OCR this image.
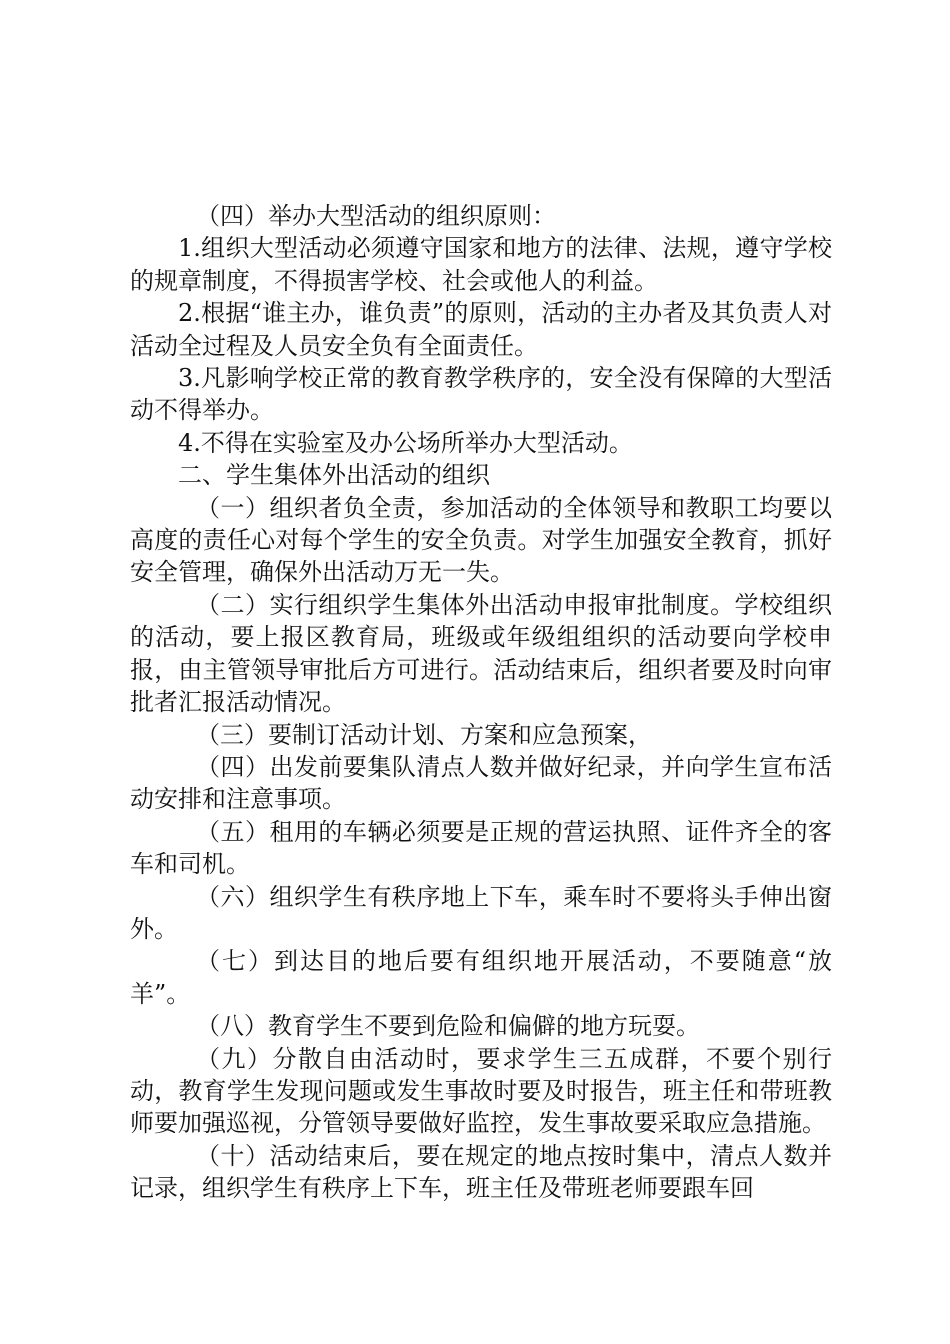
（四）举办大型活动的组织原则：

1.组织大型活动必须遵守国家和地方的法律、法规，遵守学校的规章制度，不得损害学校、社会或他人的利益。

2.根据“谁主办，谁负责”的原则，活动的主办者及其负责人对活动全过程及人员安全负有全面责任。

3.凡影响学校正常的教育教学秩序的，安全没有保障的大型活动不得举办。

4.不得在实验室及办公场所举办大型活动。

二、学生集体外出活动的组织

（一）组织者负全责，参加活动的全体领导和教职工均要以高度的责任心对每个学生的安全负责。对学生加强安全教育，抓好安全管理，确保外出活动万无一失。

（二）实行组织学生集体外出活动申报审批制度。学校组织的活动，要上报区教育局，班级或年级组组织的活动要向学校申报，由主管领导审批后方可进行。活动结束后，组织者要及时向审批者汇报活动情况。

（三）要制订活动计划、方案和应急预案，

（四）出发前要集队清点人数并做好纪录，并向学生宣布活动安排和注意事项。

（五）租用的车辆必须要是正规的营运执照、证件齐全的客车和司机。

（六）组织学生有秩序地上下车，乘车时不要将头手伸出窗外。

（七）到达目的地后要有组织地开展活动，不要随意“放羊”。

（八）教育学生不要到危险和偏僻的地方玩耍。

（九）分散自由活动时，要求学生三五成群，不要个别行动，教育学生发现问题或发生事故时要及时报告，班主任和带班教师要加强巡视，分管领导要做好监控，发生事故要采取应急措施。

（十）活动结束后，要在规定的地点按时集中，清点人数并记录，组织学生有秩序上下车，班主任及带班老师要跟车回
